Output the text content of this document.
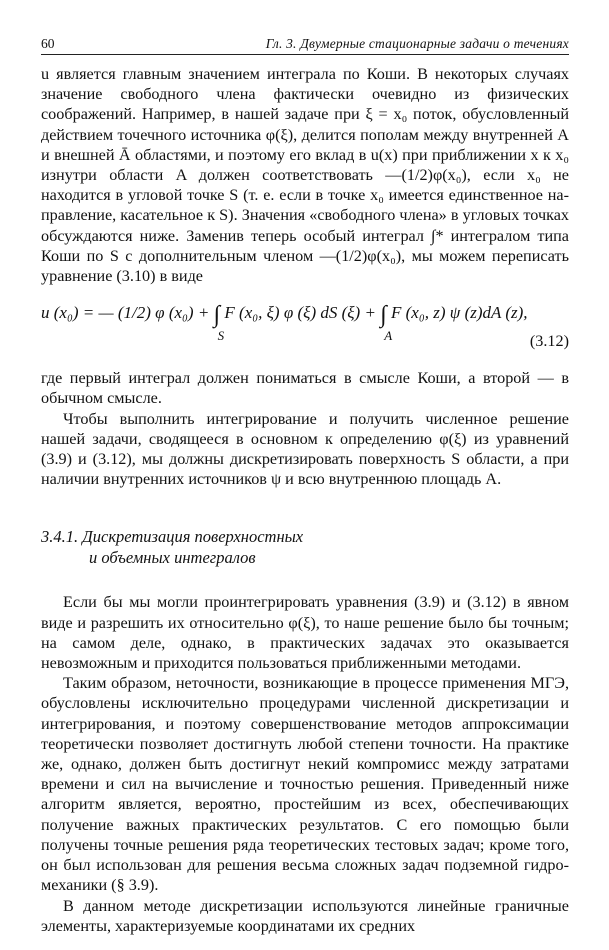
60	Гл. 3. Двумерные стационарные задачи о течениях

u является главным значением интеграла по Коши. В некоторых случаях значение свободного члена фактически очевидно из физических соображений. Например, в нашей задаче при ξ = x₀ поток, обусловленный действием точечного источника φ(ξ), делится пополам между внутренней A и внешней Ā областями, и поэтому его вклад в u(x) при приближении x к x₀ изнутри области A должен соответствовать —(1/2)φ(x₀), если x₀ не находится в угловой точке S (т. е. если в точке x₀ имеется единственное направление, касательное к S). Значения «свободного члена» в угловых точках обсуждаются ниже. Заменив теперь особый интеграл ∫* интегралом типа Коши по S с дополнительным членом —(1/2)φ(x₀), мы можем переписать уравнение (3.10) в виде

u (x₀) = — (1/2) φ (x₀) + ∫
S
F (x₀, ξ) φ (ξ) dS (ξ) + ∫
A
F (x₀, z) ψ (z)dA (z),
(3.12)

где первый интеграл должен пониматься в смысле Коши, а второй — в обычном смысле.

Чтобы выполнить интегрирование и получить численное решение нашей задачи, сводящееся в основном к определению φ(ξ) из уравнений (3.9) и (3.12), мы должны дискретизировать поверхность S области, а при наличии внутренних источников ψ и всю внутреннюю площадь A.

3.4.1. Дискретизация поверхностных
и объемных интегралов

Если бы мы могли проинтегрировать уравнения (3.9) и (3.12) в явном виде и разрешить их относительно φ(ξ), то наше решение было бы точным; на самом деле, однако, в практических задачах это оказывается невозможным и приходится пользоваться приближенными методами.

Таким образом, неточности, возникающие в процессе применения МГЭ, обусловлены исключительно процедурами численной дискретизации и интегрирования, и поэтому совершенствование методов аппроксимации теоретически позволяет достигнуть любой степени точности. На практике же, однако, должен быть достигнут некий компромисс между затратами времени и сил на вычисление и точностью решения. Приведенный ниже алгоритм является, вероятно, простейшим из всех, обеспечивающих получение важных практических результатов. С его помощью были получены точные решения ряда теоретических тестовых задач; кроме того, он был использован для решения весьма сложных задач подземной гидромеханики (§ 3.9).

В данном методе дискретизации используются линейные граничные элементы, характеризуемые координатами их средних
